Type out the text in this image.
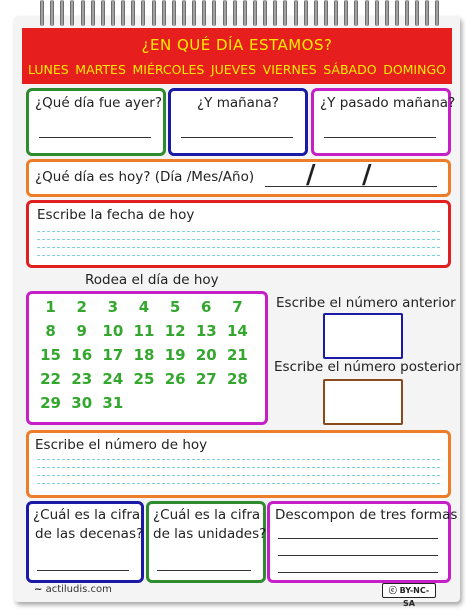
¿EN QUÉ DÍA ESTAMOS?
LUNES MARTES MIÉRCOLES JUEVES VIERNES SÁBADO DOMINGO
¿Qué día fue ayer?	¿Y mañana?	¿Y pasado mañana?
¿Qué día es hoy? (Día /Mes/Año) / /
Escribe la fecha de hoy
Rodea el día de hoy
1	2	3	4	5	6	7
8	9	10 11 12 13 14
15 16 17 18 19 20 21
22 23 24 25 26 27 28
29 30 31
Escribe el número anterior
Escribe el número posterior
Escribe el número de hoy
¿Cuál es la cifra
de las decenas?
¿Cuál es la cifra
de las unidades?
Descompon de tres formas
~ actiludis.com	ⓒ BY-NC-SA
